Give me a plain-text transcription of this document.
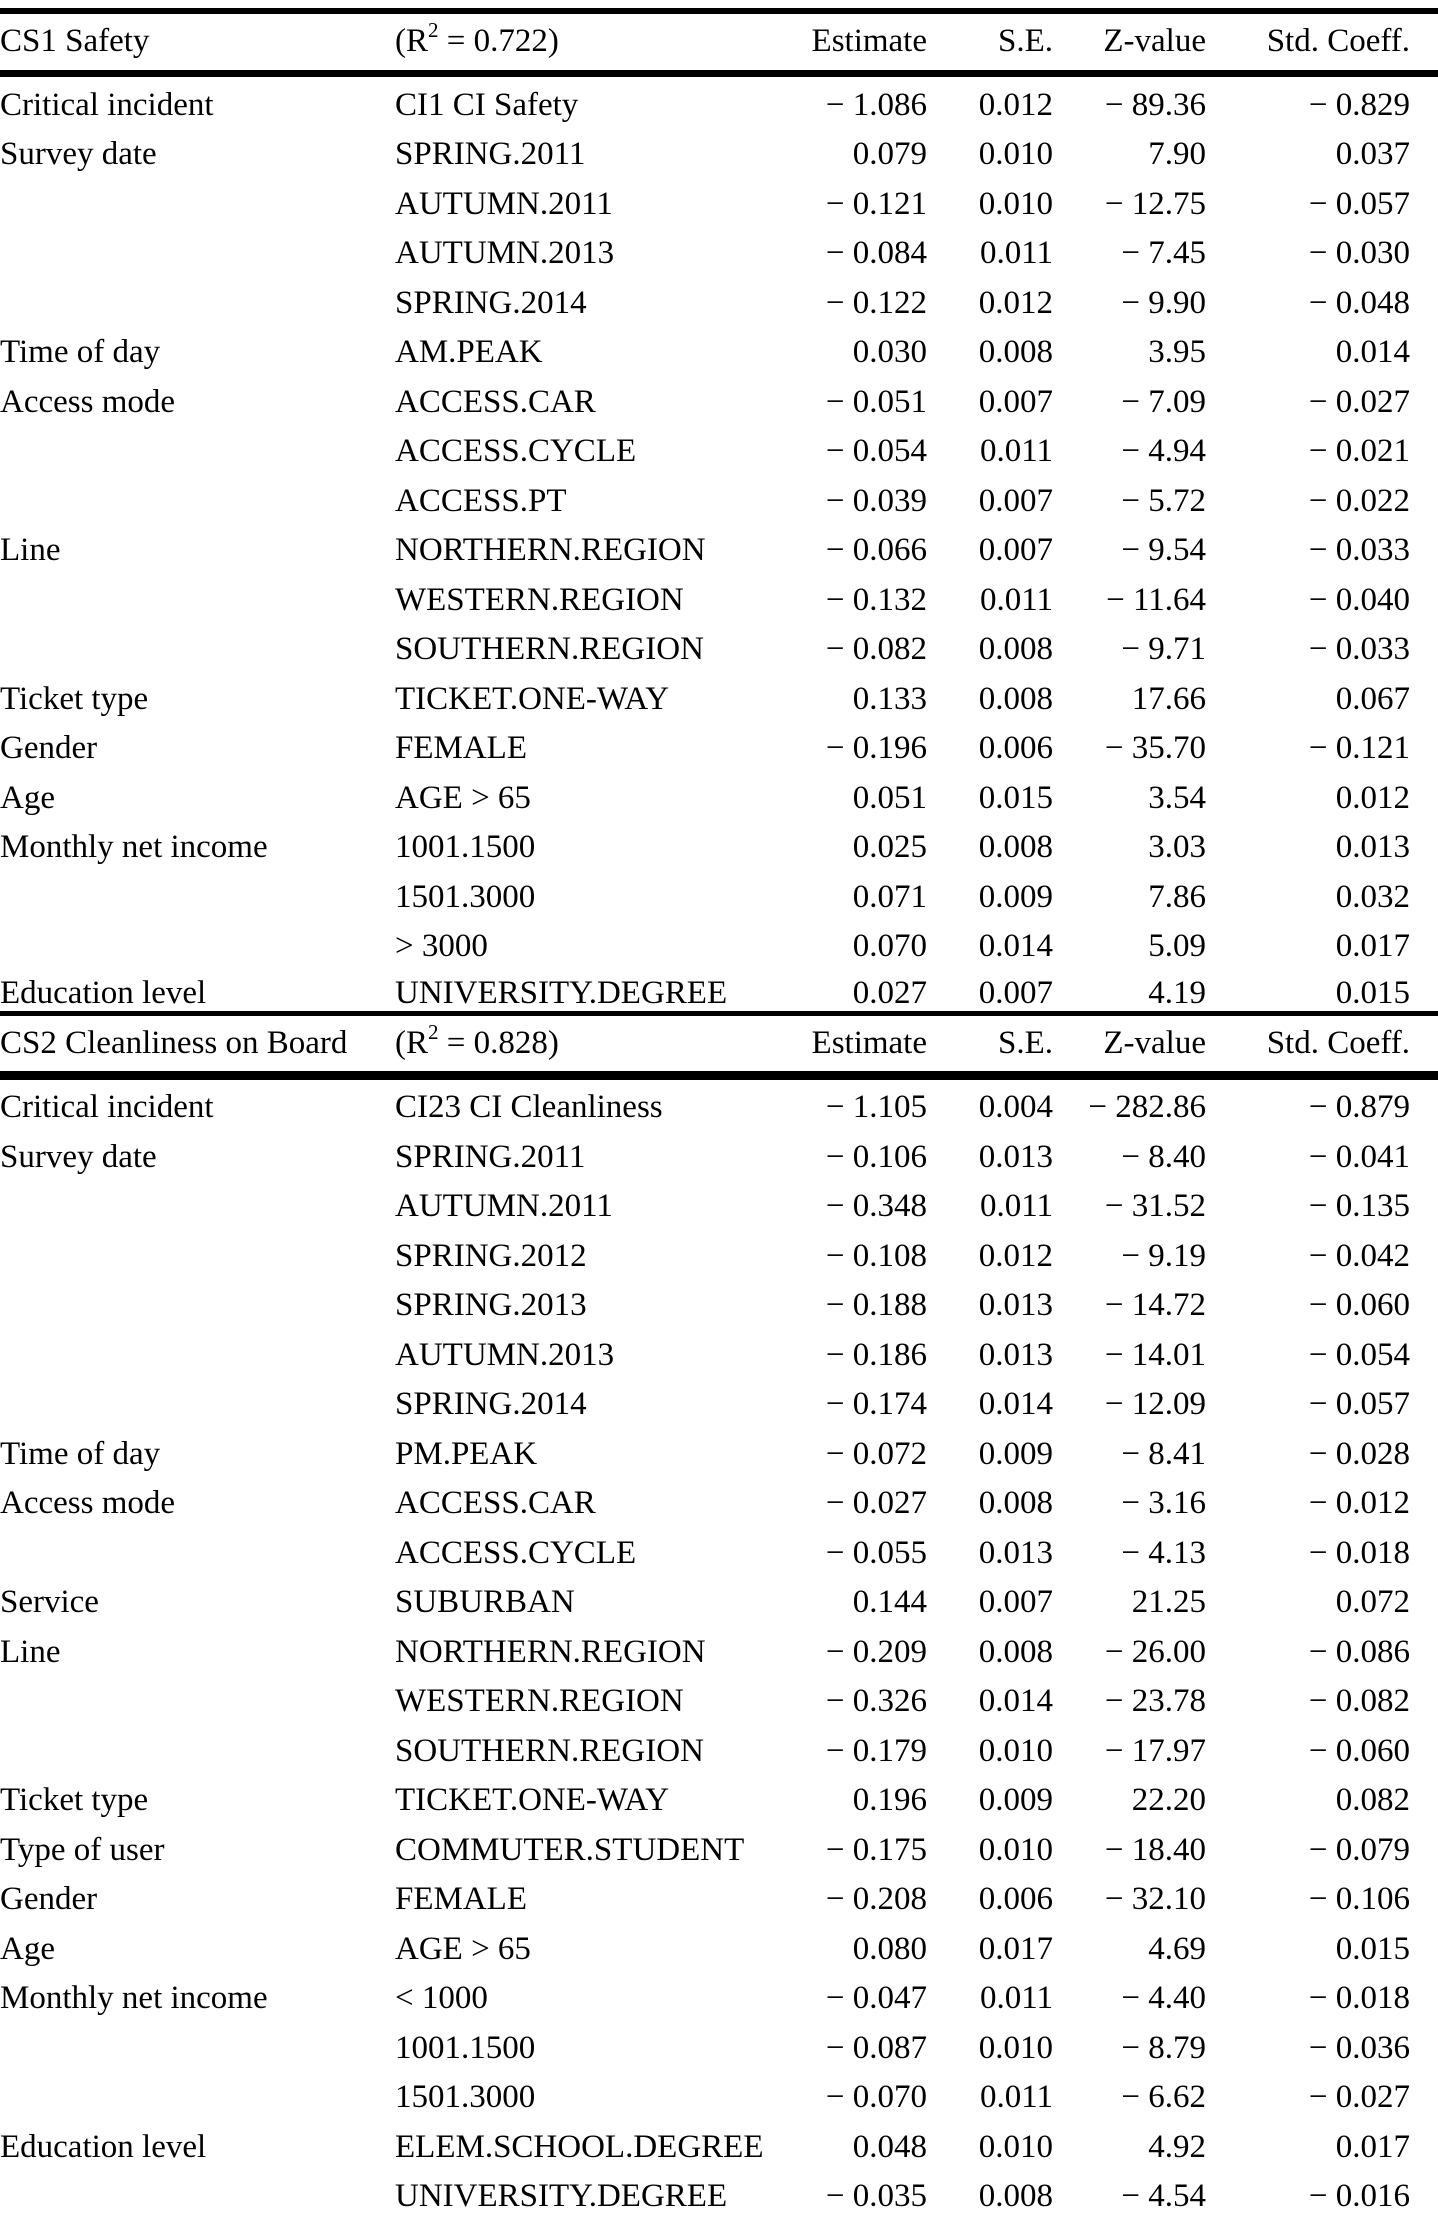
CS1 Safety	$(R^2 = 0.722)$	Estimate	S.E.	Z-value	Std. Coeff.
Critical incident	CI1 CI Safety	− 1.086	0.012	− 89.36	− 0.829
Survey date	SPRING.2011	0.079	0.010	7.90	0.037
	AUTUMN.2011	− 0.121	0.010	− 12.75	− 0.057
	AUTUMN.2013	− 0.084	0.011	− 7.45	− 0.030
	SPRING.2014	− 0.122	0.012	− 9.90	− 0.048
Time of day	AM.PEAK	0.030	0.008	3.95	0.014
Access mode	ACCESS.CAR	− 0.051	0.007	− 7.09	− 0.027
	ACCESS.CYCLE	− 0.054	0.011	− 4.94	− 0.021
	ACCESS.PT	− 0.039	0.007	− 5.72	− 0.022
Line	NORTHERN.REGION	− 0.066	0.007	− 9.54	− 0.033
	WESTERN.REGION	− 0.132	0.011	− 11.64	− 0.040
	SOUTHERN.REGION	− 0.082	0.008	− 9.71	− 0.033
Ticket type	TICKET.ONE-WAY	0.133	0.008	17.66	0.067
Gender	FEMALE	− 0.196	0.006	− 35.70	− 0.121
Age	AGE > 65	0.051	0.015	3.54	0.012
Monthly net income	1001.1500	0.025	0.008	3.03	0.013
	1501.3000	0.071	0.009	7.86	0.032
	> 3000	0.070	0.014	5.09	0.017
Education level	UNIVERSITY.DEGREE	0.027	0.007	4.19	0.015
CS2 Cleanliness on Board	$(R^2 = 0.828)$	Estimate	S.E.	Z-value	Std. Coeff.
Critical incident	CI23 CI Cleanliness	− 1.105	0.004	− 282.86	− 0.879
Survey date	SPRING.2011	− 0.106	0.013	− 8.40	− 0.041
	AUTUMN.2011	− 0.348	0.011	− 31.52	− 0.135
	SPRING.2012	− 0.108	0.012	− 9.19	− 0.042
	SPRING.2013	− 0.188	0.013	− 14.72	− 0.060
	AUTUMN.2013	− 0.186	0.013	− 14.01	− 0.054
	SPRING.2014	− 0.174	0.014	− 12.09	− 0.057
Time of day	PM.PEAK	− 0.072	0.009	− 8.41	− 0.028
Access mode	ACCESS.CAR	− 0.027	0.008	− 3.16	− 0.012
	ACCESS.CYCLE	− 0.055	0.013	− 4.13	− 0.018
Service	SUBURBAN	0.144	0.007	21.25	0.072
Line	NORTHERN.REGION	− 0.209	0.008	− 26.00	− 0.086
	WESTERN.REGION	− 0.326	0.014	− 23.78	− 0.082
	SOUTHERN.REGION	− 0.179	0.010	− 17.97	− 0.060
Ticket type	TICKET.ONE-WAY	0.196	0.009	22.20	0.082
Type of user	COMMUTER.STUDENT	− 0.175	0.010	− 18.40	− 0.079
Gender	FEMALE	− 0.208	0.006	− 32.10	− 0.106
Age	AGE > 65	0.080	0.017	4.69	0.015
Monthly net income	< 1000	− 0.047	0.011	− 4.40	− 0.018
	1001.1500	− 0.087	0.010	− 8.79	− 0.036
	1501.3000	− 0.070	0.011	− 6.62	− 0.027
Education level	ELEM.SCHOOL.DEGREE	0.048	0.010	4.92	0.017
	UNIVERSITY.DEGREE	− 0.035	0.008	− 4.54	− 0.016
